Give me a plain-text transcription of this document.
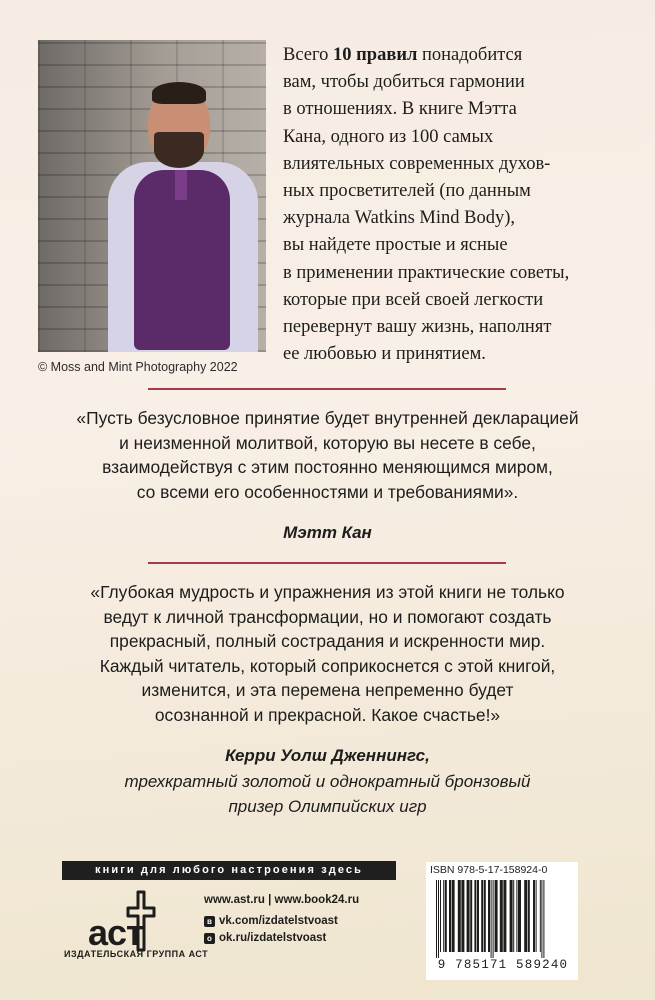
© Moss and Mint Photography 2022
Всего 10 правил понадобится
вам, чтобы добиться гармонии
в отношениях. В книге Мэтта
Кана, одного из 100 самых
влиятельных современных духов-
ных просветителей (по данным
журнала Watkins Mind Body),
вы найдете простые и ясные
в применении практические советы,
которые при всей своей легкости
перевернут вашу жизнь, наполнят
ее любовью и принятием.
«Пусть безусловное принятие будет внутренней декларацией
и неизменной молитвой, которую вы несете в себе,
взаимодействуя с этим постоянно меняющимся миром,
со всеми его особенностями и требованиями».
Мэтт Кан
«Глубокая мудрость и упражнения из этой книги не только
ведут к личной трансформации, но и помогают создать
прекрасный, полный сострадания и искренности мир.
Каждый читатель, который соприкоснется с этой книгой,
изменится, и эта перемена непременно будет
осознанной и прекрасной. Какое счастье!»
Керри Уолш Дженнингс,
трехкратный золотой и однократный бронзовый
призер Олимпийских игр
книги для любого настроения здесь
aст
ИЗДАТЕЛЬСКАЯ ГРУППА АСТ
www.ast.ru | www.book24.ru
в vk.com/izdatelstvoast
о ok.ru/izdatelstvoast
ISBN 978-5-17-158924-0
9 785171 589240
